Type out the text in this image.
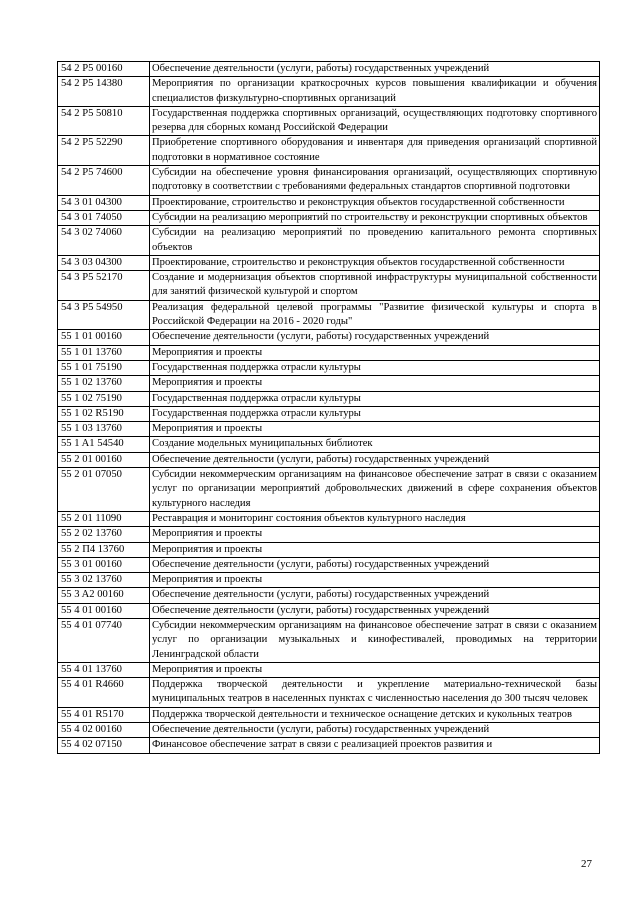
54 2 P5 00160	Обеспечение деятельности (услуги, работы) государственных учреждений
54 2 P5 14380	Мероприятия по организации краткосрочных курсов повышения квалификации и обучения специалистов физкультурно-спортивных организаций
54 2 P5 50810	Государственная поддержка спортивных организаций, осуществляющих подготовку спортивного резерва для сборных команд Российской Федерации
54 2 P5 52290	Приобретение спортивного оборудования и инвентаря для приведения организаций спортивной подготовки в нормативное состояние
54 2 P5 74600	Субсидии на обеспечение уровня финансирования организаций, осуществляющих спортивную подготовку в соответствии с требованиями федеральных стандартов спортивной подготовки
54 3 01 04300	Проектирование, строительство и реконструкция объектов государственной собственности
54 3 01 74050	Субсидии на реализацию мероприятий по строительству и реконструкции спортивных объектов
54 3 02 74060	Субсидии на реализацию мероприятий по проведению капитального ремонта спортивных объектов
54 3 03 04300	Проектирование, строительство и реконструкция объектов государственной собственности
54 3 P5 52170	Создание и модернизация объектов спортивной инфраструктуры муниципальной собственности для занятий физической культурой и спортом
54 3 P5 54950	Реализация федеральной целевой программы "Развитие физической культуры и спорта в Российской Федерации на 2016 - 2020 годы"
55 1 01 00160	Обеспечение деятельности (услуги, работы) государственных учреждений
55 1 01 13760	Мероприятия и проекты
55 1 01 75190	Государственная поддержка отрасли культуры
55 1 02 13760	Мероприятия и проекты
55 1 02 75190	Государственная поддержка отрасли культуры
55 1 02 R5190	Государственная поддержка отрасли культуры
55 1 03 13760	Мероприятия и проекты
55 1 A1 54540	Создание модельных муниципальных библиотек
55 2 01 00160	Обеспечение деятельности (услуги, работы) государственных учреждений
55 2 01 07050	Субсидии некоммерческим организациям на финансовое обеспечение затрат в связи с оказанием услуг по организации мероприятий добровольческих движений в сфере сохранения объектов культурного наследия
55 2 01 11090	Реставрация и мониторинг состояния объектов культурного наследия
55 2 02 13760	Мероприятия и проекты
55 2 П4 13760	Мероприятия и проекты
55 3 01 00160	Обеспечение деятельности (услуги, работы) государственных учреждений
55 3 02 13760	Мероприятия и проекты
55 3 A2 00160	Обеспечение деятельности (услуги, работы) государственных учреждений
55 4 01 00160	Обеспечение деятельности (услуги, работы) государственных учреждений
55 4 01 07740	Субсидии некоммерческим организациям на финансовое обеспечение затрат в связи с оказанием услуг по организации музыкальных и кинофестивалей, проводимых на территории Ленинградской области
55 4 01 13760	Мероприятия и проекты
55 4 01 R4660	Поддержка творческой деятельности и укрепление материально-технической базы муниципальных театров в населенных пунктах с численностью населения до 300 тысяч человек
55 4 01 R5170	Поддержка творческой деятельности и техническое оснащение детских и кукольных театров
55 4 02 00160	Обеспечение деятельности (услуги, работы) государственных учреждений
55 4 02 07150	Финансовое обеспечение затрат в связи с реализацией проектов развития и
27
